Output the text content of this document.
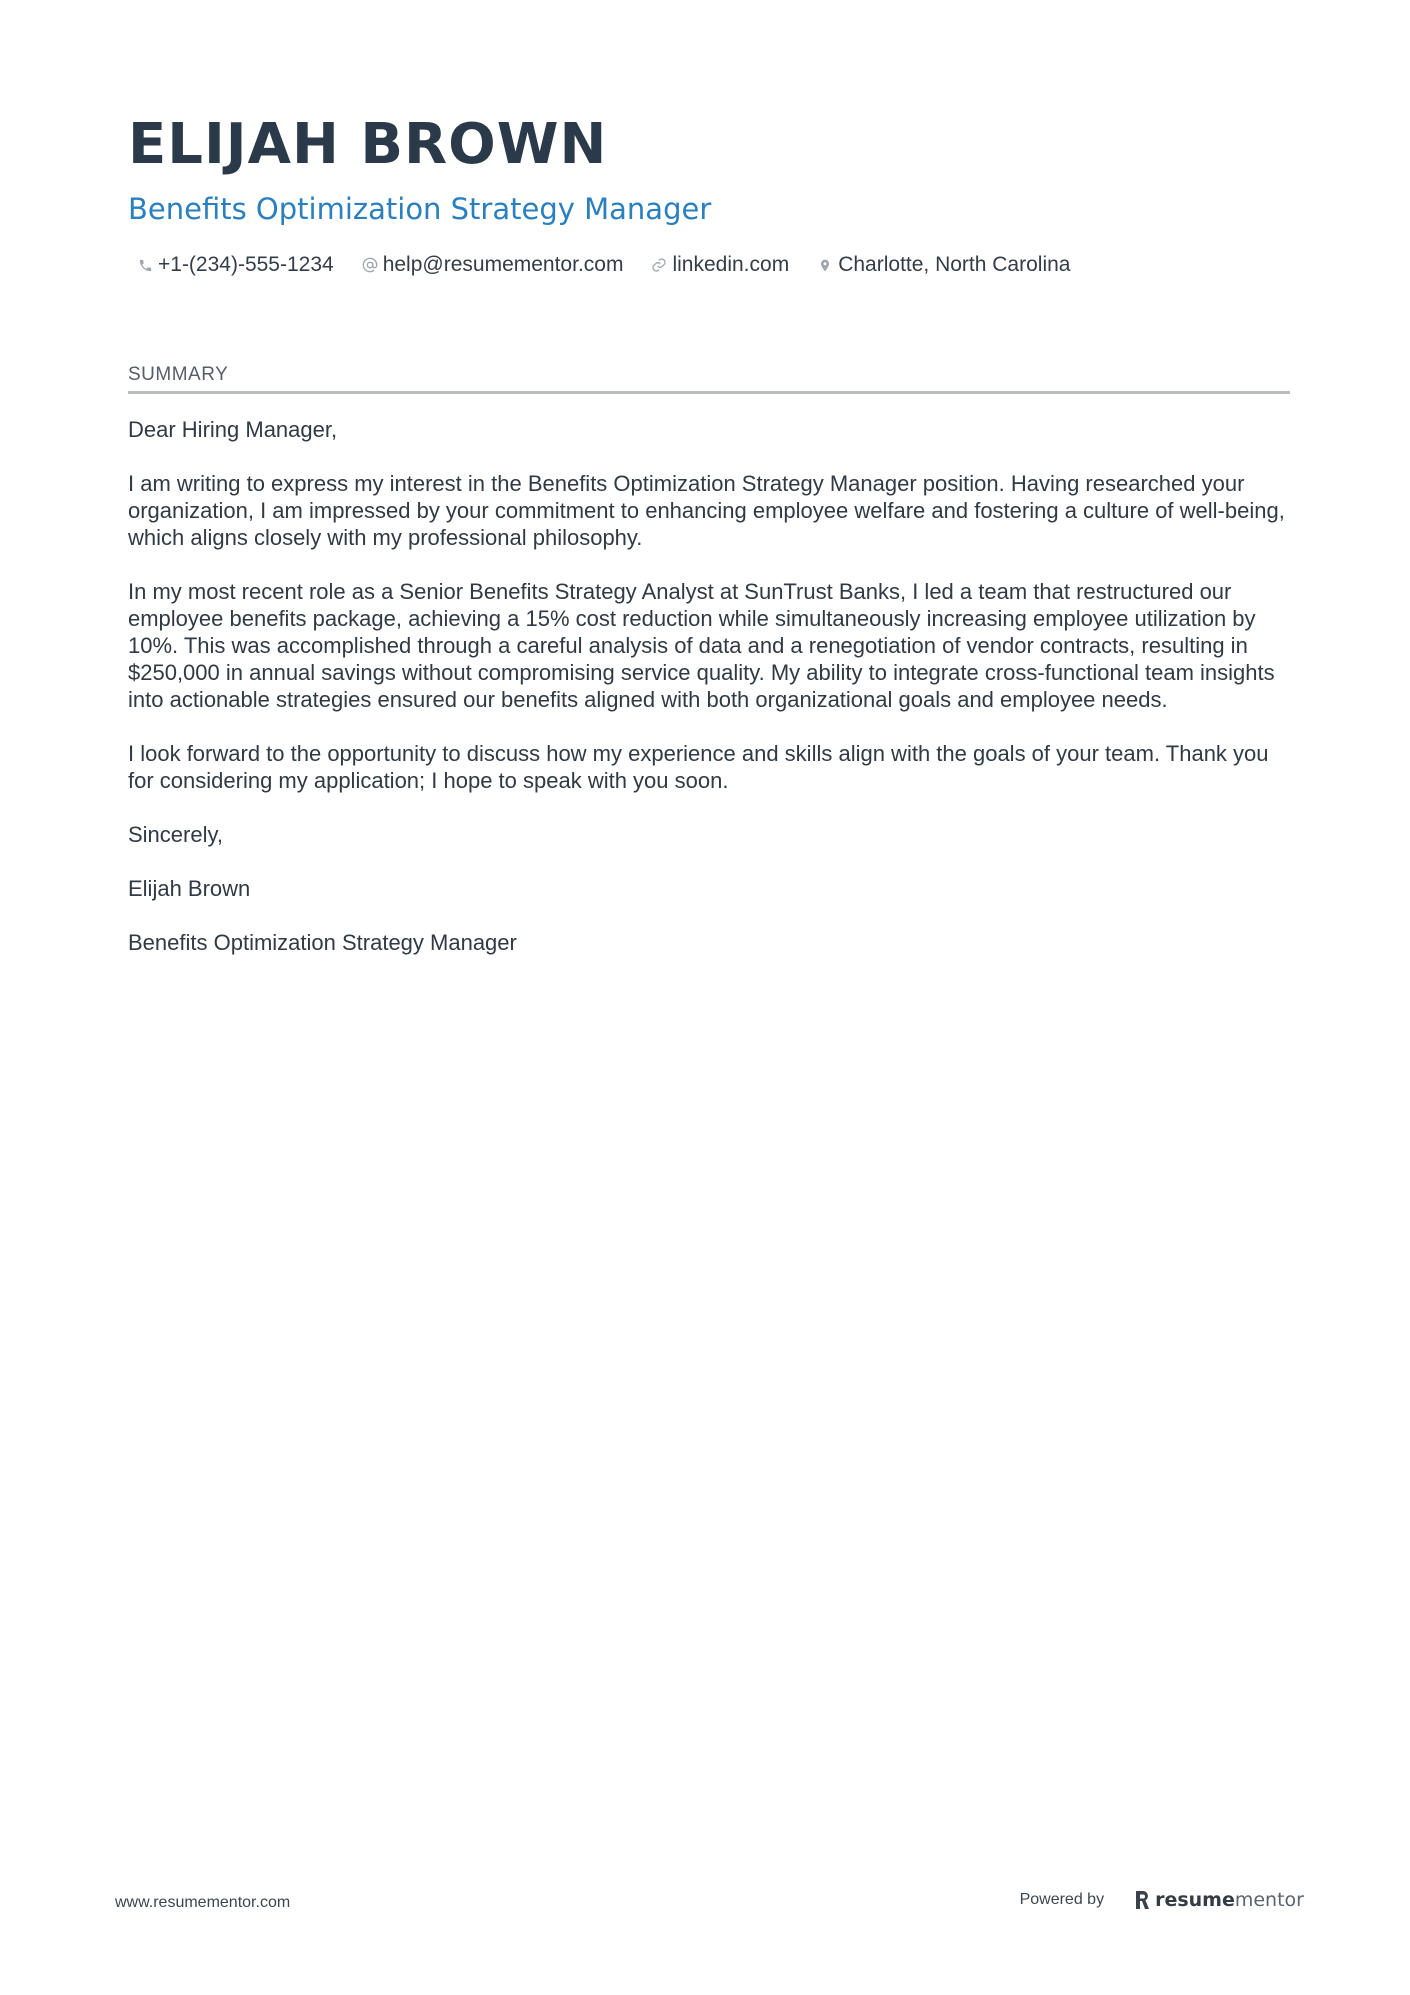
ELIJAH BROWN
Benefits Optimization Strategy Manager
+1-(234)-555-1234 help@resumementor.com linkedin.com Charlotte, North Carolina
SUMMARY

Dear Hiring Manager,

I am writing to express my interest in the Benefits Optimization Strategy Manager position. Having researched your organization, I am impressed by your commitment to enhancing employee welfare and fostering a culture of well-being, which aligns closely with my professional philosophy.

In my most recent role as a Senior Benefits Strategy Analyst at SunTrust Banks, I led a team that restructured our employee benefits package, achieving a 15% cost reduction while simultaneously increasing employee utilization by 10%. This was accomplished through a careful analysis of data and a renegotiation of vendor contracts, resulting in $250,000 in annual savings without compromising service quality. My ability to integrate cross-functional team insights into actionable strategies ensured our benefits aligned with both organizational goals and employee needs.

I look forward to the opportunity to discuss how my experience and skills align with the goals of your team. Thank you for considering my application; I hope to speak with you soon.

Sincerely,

Elijah Brown

Benefits Optimization Strategy Manager

www.resumementor.com	Powered by	resume mentor
